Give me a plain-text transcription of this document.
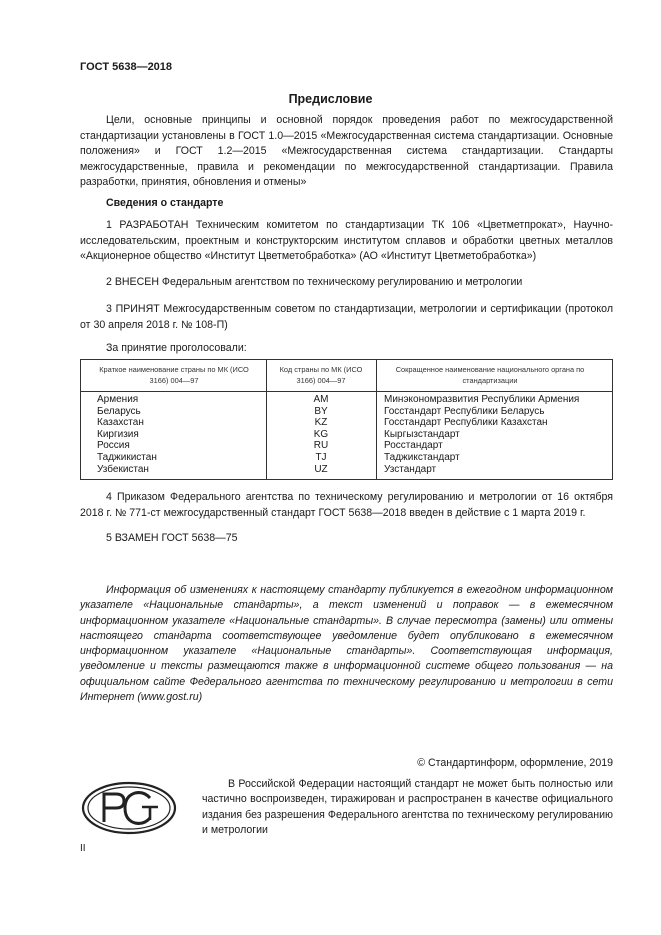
ГОСТ 5638—2018
Предисловие
Цели, основные принципы и основной порядок проведения работ по межгосударственной стандартизации установлены в ГОСТ 1.0—2015 «Межгосударственная система стандартизации. Основные положения» и ГОСТ 1.2—2015 «Межгосударственная система стандартизации. Стандарты межгосударственные, правила и рекомендации по межгосударственной стандартизации. Правила разработки, принятия, обновления и отмены»
Сведения о стандарте
1 РАЗРАБОТАН Техническим комитетом по стандартизации ТК 106 «Цветметпрокат», Научно-исследовательским, проектным и конструкторским институтом сплавов и обработки цветных металлов «Акционерное общество «Институт Цветметобработка» (АО «Институт Цветметобработка»)
2 ВНЕСЕН Федеральным агентством по техническому регулированию и метрологии
3 ПРИНЯТ Межгосударственным советом по стандартизации, метрологии и сертификации (протокол от 30 апреля 2018 г. № 108-П)
За принятие проголосовали:
Краткое наименование страны по МК (ИСО 3166) 004—97
Код страны по МК (ИСО 3166) 004—97
Сокращенное наименование национального органа по стандартизации
Армения
Беларусь
Казахстан
Киргизия
Россия
Таджикистан
Узбекистан
AM
BY
KZ
KG
RU
TJ
UZ
Минэкономразвития Республики Армения
Госстандарт Республики Беларусь
Госстандарт Республики Казахстан
Кыргызстандарт
Росстандарт
Таджикстандарт
Узстандарт
4 Приказом Федерального агентства по техническому регулированию и метрологии от 16 октября 2018 г. № 771-ст межгосударственный стандарт ГОСТ 5638—2018 введен в действие с 1 марта 2019 г.
5 ВЗАМЕН ГОСТ 5638—75
Информация об изменениях к настоящему стандарту публикуется в ежегодном информационном указателе «Национальные стандарты», а текст изменений и поправок — в ежемесячном информационном указателе «Национальные стандарты». В случае пересмотра (замены) или отмены настоящего стандарта соответствующее уведомление будет опубликовано в ежемесячном информационном указателе «Национальные стандарты». Соответствующая информация, уведомление и тексты размещаются также в информационной системе общего пользования — на официальном сайте Федерального агентства по техническому регулированию и метрологии в сети Интернет (www.gost.ru)
© Стандартинформ, оформление, 2019
В Российской Федерации настоящий стандарт не может быть полностью или частично воспроизведен, тиражирован и распространен в качестве официального издания без разрешения Федерального агентства по техническому регулированию и метрологии
II
